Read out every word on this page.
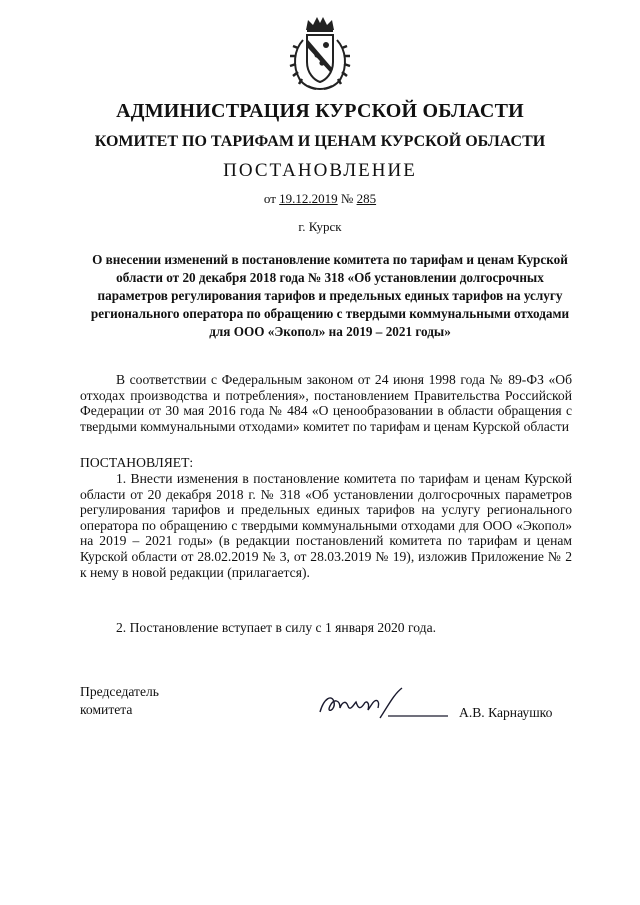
АДМИНИСТРАЦИЯ КУРСКОЙ ОБЛАСТИ
КОМИТЕТ ПО ТАРИФАМ И ЦЕНАМ КУРСКОЙ ОБЛАСТИ
ПОСТАНОВЛЕНИЕ
от 19.12.2019 № 285
г. Курск
О внесении изменений в постановление комитета по тарифам и ценам Курской области от 20 декабря 2018 года № 318 «Об установлении долгосрочных параметров регулирования тарифов и предельных единых тарифов на услугу регионального оператора по обращению с твердыми коммунальными отходами для ООО «Экопол» на 2019 – 2021 годы»

В соответствии с Федеральным законом от 24 июня 1998 года № 89-ФЗ «Об отходах производства и потребления», постановлением Правительства Российской Федерации от 30 мая 2016 года № 484 «О ценообразовании в области обращения с твердыми коммунальными отходами» комитет по тарифам и ценам Курской области

ПОСТАНОВЛЯЕТ:

1. Внести изменения в постановление комитета по тарифам и ценам Курской области от 20 декабря 2018 г. № 318 «Об установлении долгосрочных параметров регулирования тарифов и предельных единых тарифов на услугу регионального оператора по обращению с твердыми коммунальными отходами для ООО «Экопол» на 2019 – 2021 годы» (в редакции постановлений комитета по тарифам и ценам Курской области от 28.02.2019 № 3, от 28.03.2019 № 19), изложив Приложение № 2 к нему в новой редакции (прилагается).

2. Постановление вступает в силу с 1 января 2020 года.

Председатель
комитета	А.В. Карнаушко
